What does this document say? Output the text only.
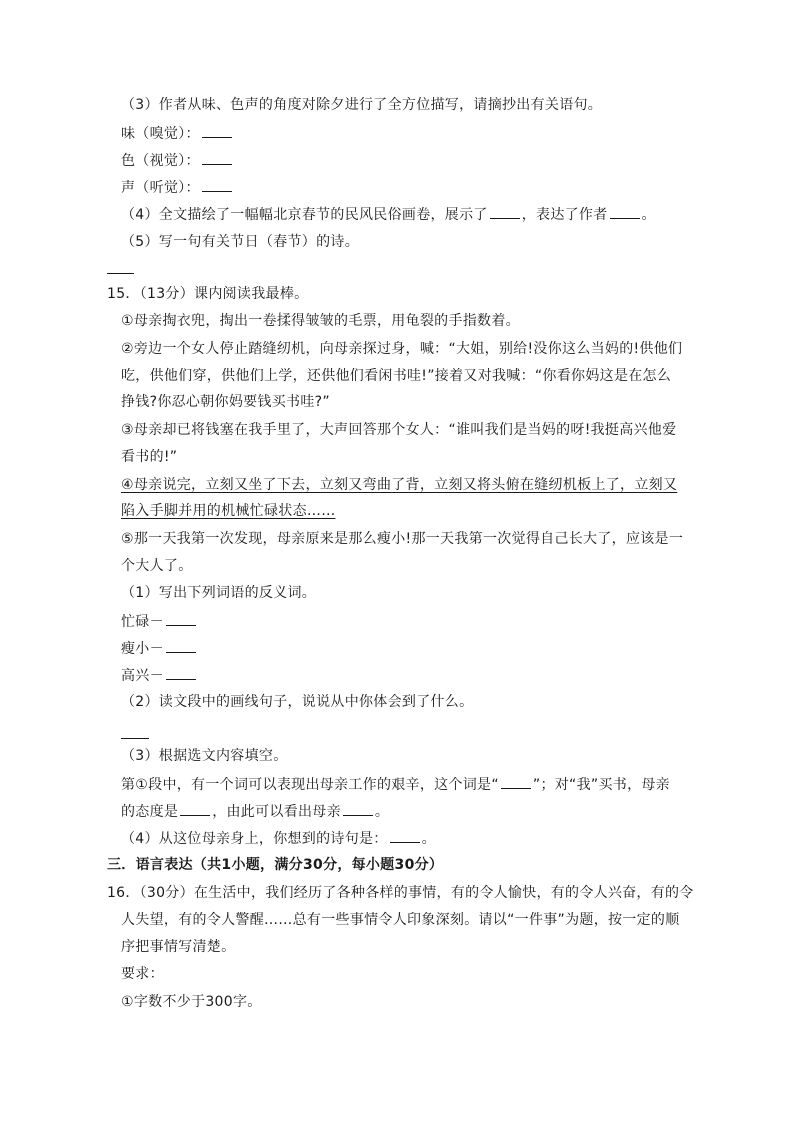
（3）作者从味、色声的角度对除夕进行了全方位描写，请摘抄出有关语句。
味（嗅觉）：
色（视觉）：
声（听觉）：
（4）全文描绘了一幅幅北京春节的民风民俗画卷，展示了 ，表达了作者 。
（5）写一句有关节日（春节）的诗。
15．（13分）课内阅读我最棒。
①母亲掏衣兜，掏出一卷揉得皱皱的毛票，用龟裂的手指数着。
②旁边一个女人停止踏缝纫机，向母亲探过身，喊：“大姐，别给!没你这么当妈的!供他们
吃，供他们穿，供他们上学，还供他们看闲书哇!”接着又对我喊：“你看你妈这是在怎么
挣钱?你忍心朝你妈要钱买书哇?”
③母亲却已将钱塞在我手里了，大声回答那个女人：“谁叫我们是当妈的呀!我挺高兴他爱
看书的!”
④母亲说完，立刻又坐了下去，立刻又弯曲了背，立刻又将头俯在缝纫机板上了，立刻又
陷入手脚并用的机械忙碌状态……
⑤那一天我第一次发现，母亲原来是那么瘦小!那一天我第一次觉得自己长大了，应该是一
个大人了。
（1）写出下列词语的反义词。
忙碌－
瘦小－
高兴－
（2）读文段中的画线句子，说说从中你体会到了什么。
（3）根据选文内容填空。
第①段中，有一个词可以表现出母亲工作的艰辛，这个词是“ ”；对“我”买书，母亲
的态度是 ，由此可以看出母亲 。
（4）从这位母亲身上，你想到的诗句是： 。
三．语言表达（共1小题，满分30分，每小题30分）
16．（30分）在生活中，我们经历了各种各样的事情，有的令人愉快，有的令人兴奋，有的令
人失望，有的令人警醒……总有一些事情令人印象深刻。请以“一件事”为题，按一定的顺
序把事情写清楚。
要求：
①字数不少于300字。
